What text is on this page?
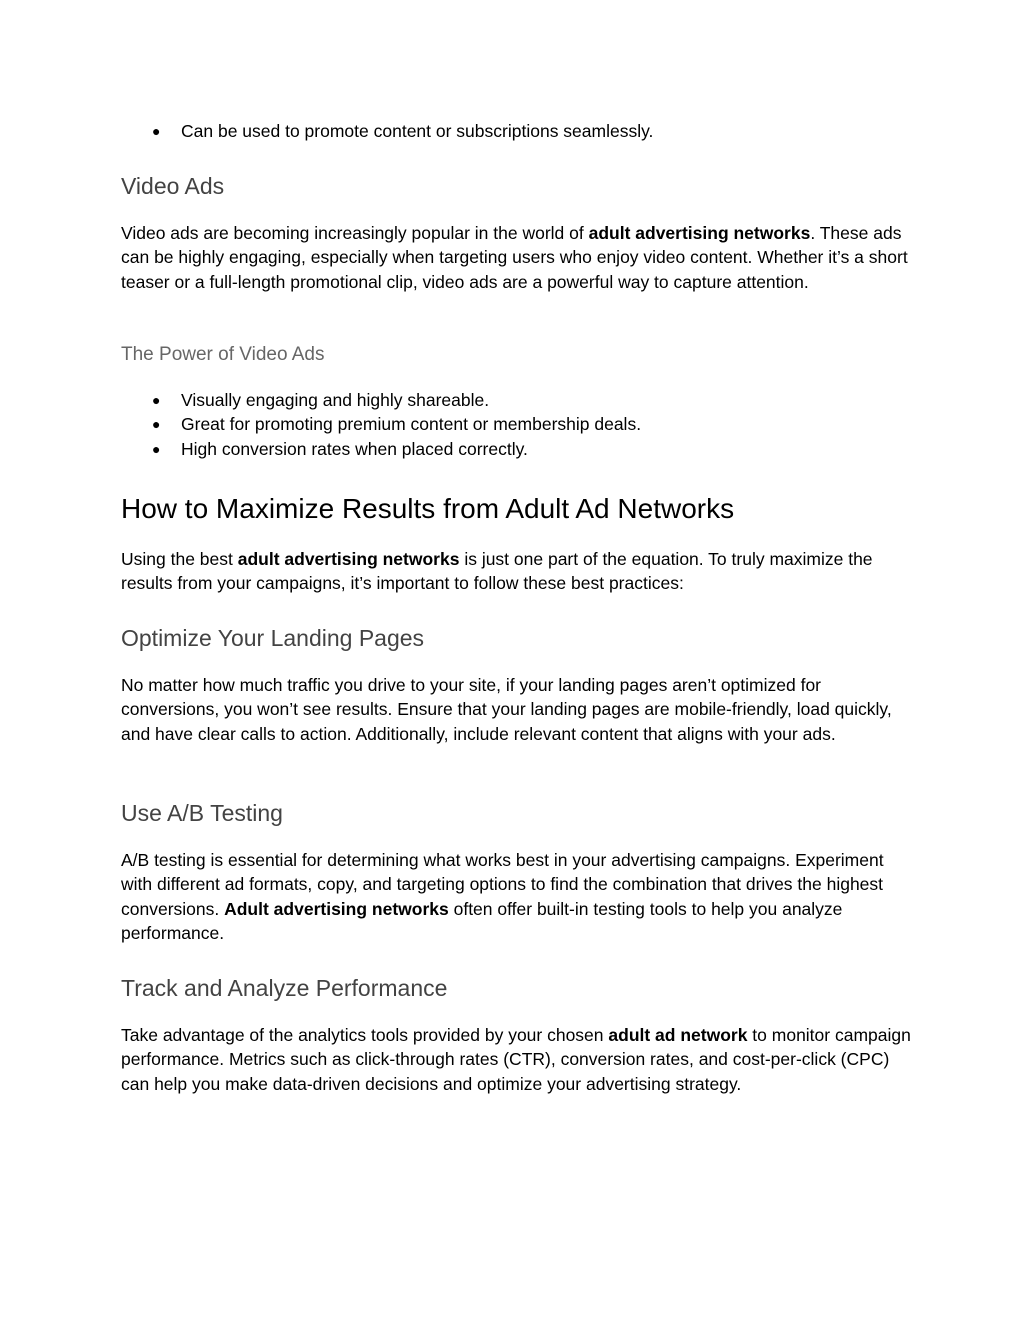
● Can be used to promote content or subscriptions seamlessly.
Video Ads

Video ads are becoming increasingly popular in the world of adult advertising networks. These ads can be highly engaging, especially when targeting users who enjoy video content. Whether it’s a short teaser or a full-length promotional clip, video ads are a powerful way to capture attention.

The Power of Video Ads
● Visually engaging and highly shareable.
● Great for promoting premium content or membership deals.
● High conversion rates when placed correctly.
How to Maximize Results from Adult Ad Networks

Using the best adult advertising networks is just one part of the equation. To truly maximize the results from your campaigns, it’s important to follow these best practices:

Optimize Your Landing Pages

No matter how much traffic you drive to your site, if your landing pages aren’t optimized for conversions, you won’t see results. Ensure that your landing pages are mobile-friendly, load quickly, and have clear calls to action. Additionally, include relevant content that aligns with your ads.

Use A/B Testing

A/B testing is essential for determining what works best in your advertising campaigns. Experiment with different ad formats, copy, and targeting options to find the combination that drives the highest conversions. Adult advertising networks often offer built-in testing tools to help you analyze performance.

Track and Analyze Performance

Take advantage of the analytics tools provided by your chosen adult ad network to monitor campaign performance. Metrics such as click-through rates (CTR), conversion rates, and cost-per-click (CPC) can help you make data-driven decisions and optimize your advertising strategy.
